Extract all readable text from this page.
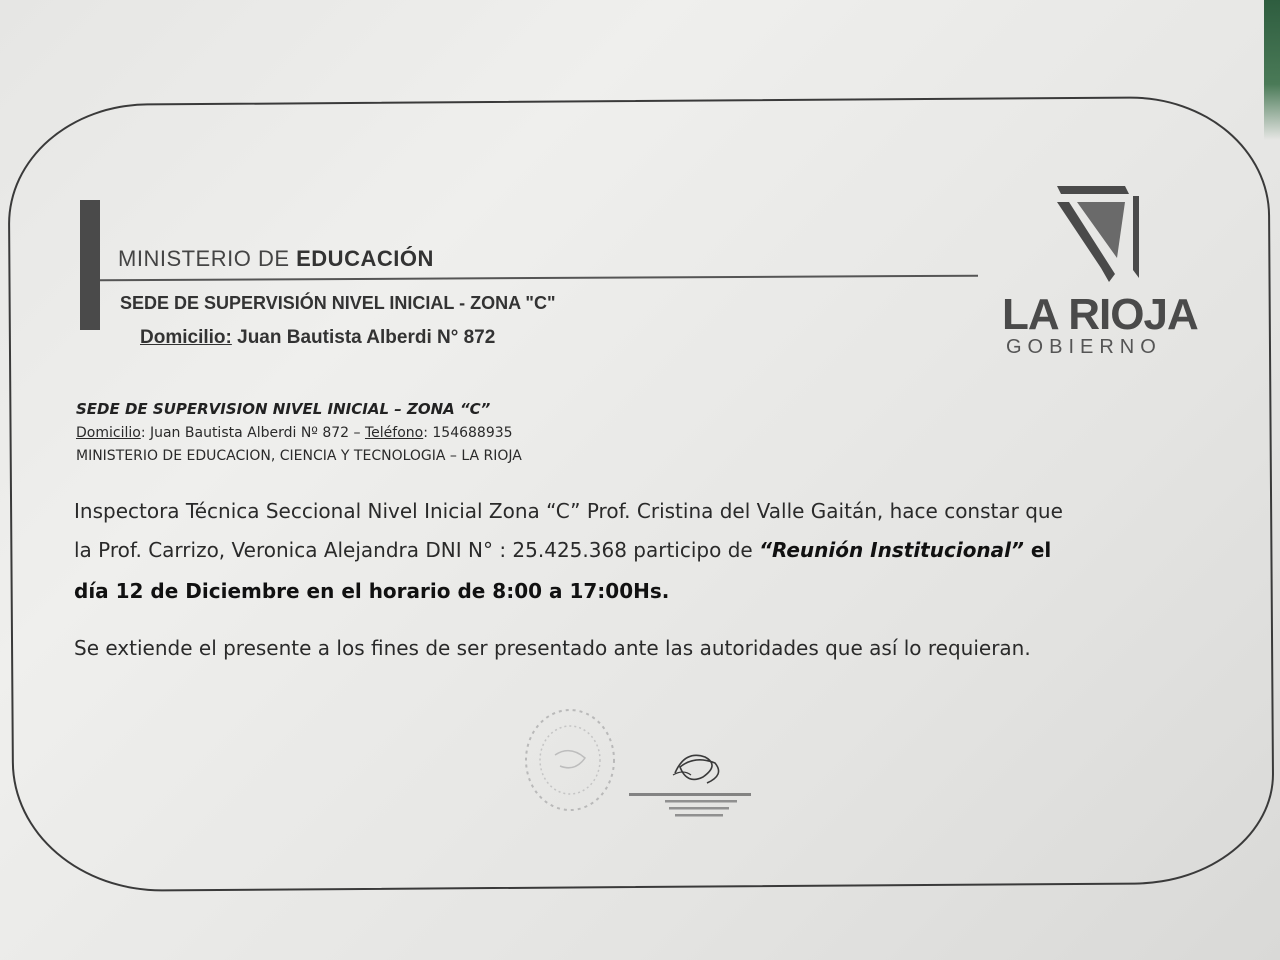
MINISTERIO DE EDUCACIÓN
SEDE DE SUPERVISIÓN NIVEL INICIAL - ZONA "C"
Domicilio: Juan Bautista Alberdi N° 872	LA RIOJA
GOBIERNO
SEDE DE SUPERVISION NIVEL INICIAL – ZONA “C”
Domicilio: Juan Bautista Alberdi Nº 872 – Teléfono: 154688935
MINISTERIO DE EDUCACION, CIENCIA Y TECNOLOGIA – LA RIOJA
Inspectora Técnica Seccional Nivel Inicial Zona “C” Prof. Cristina del Valle Gaitán, hace constar que
la Prof. Carrizo, Veronica Alejandra DNI N° : 25.425.368 participo de “Reunión Institucional” el
día 12 de Diciembre en el horario de 8:00 a 17:00Hs.
Se extiende el presente a los fines de ser presentado ante las autoridades que así lo requieran.
